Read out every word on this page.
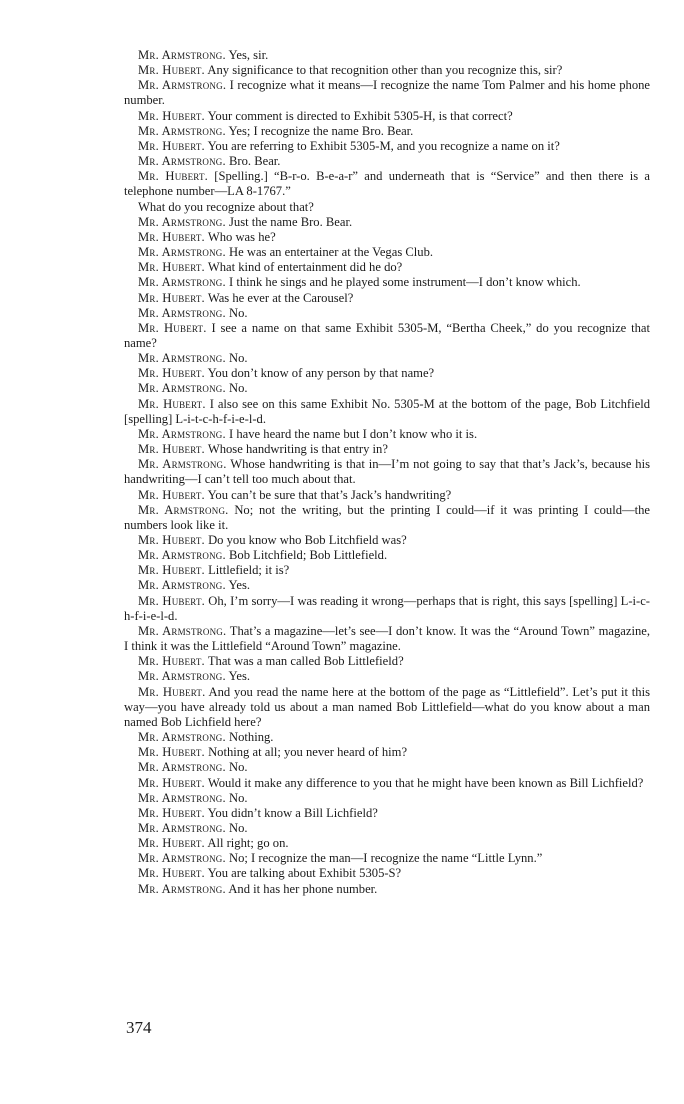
Mr. Armstrong. Yes, sir.

Mr. Hubert. Any significance to that recognition other than you recognize this, sir?

Mr. Armstrong. I recognize what it means—I recognize the name Tom Palmer and his home phone number.

Mr. Hubert. Your comment is directed to Exhibit 5305-H, is that correct?

Mr. Armstrong. Yes; I recognize the name Bro. Bear.

Mr. Hubert. You are referring to Exhibit 5305-M, and you recognize a name on it?

Mr. Armstrong. Bro. Bear.

Mr. Hubert. [Spelling.] “B-r-o. B-e-a-r” and underneath that is “Service” and then there is a telephone number—LA 8-1767.”

What do you recognize about that?

Mr. Armstrong. Just the name Bro. Bear.

Mr. Hubert. Who was he?

Mr. Armstrong. He was an entertainer at the Vegas Club.

Mr. Hubert. What kind of entertainment did he do?

Mr. Armstrong. I think he sings and he played some instrument—I don’t know which.

Mr. Hubert. Was he ever at the Carousel?

Mr. Armstrong. No.

Mr. Hubert. I see a name on that same Exhibit 5305-M, “Bertha Cheek,” do you recognize that name?

Mr. Armstrong. No.

Mr. Hubert. You don’t know of any person by that name?

Mr. Armstrong. No.

Mr. Hubert. I also see on this same Exhibit No. 5305-M at the bottom of the page, Bob Litchfield [spelling] L-i-t-c-h-f-i-e-l-d.

Mr. Armstrong. I have heard the name but I don’t know who it is.

Mr. Hubert. Whose handwriting is that entry in?

Mr. Armstrong. Whose handwriting is that in—I’m not going to say that that’s Jack’s, because his handwriting—I can’t tell too much about that.

Mr. Hubert. You can’t be sure that that’s Jack’s handwriting?

Mr. Armstrong. No; not the writing, but the printing I could—if it was printing I could—the numbers look like it.

Mr. Hubert. Do you know who Bob Litchfield was?

Mr. Armstrong. Bob Litchfield; Bob Littlefield.

Mr. Hubert. Littlefield; it is?

Mr. Armstrong. Yes.

Mr. Hubert. Oh, I’m sorry—I was reading it wrong—perhaps that is right, this says [spelling] L-i-c-h-f-i-e-l-d.

Mr. Armstrong. That’s a magazine—let’s see—I don’t know. It was the “Around Town” magazine, I think it was the Littlefield “Around Town” magazine.

Mr. Hubert. That was a man called Bob Littlefield?

Mr. Armstrong. Yes.

Mr. Hubert. And you read the name here at the bottom of the page as “Littlefield”. Let’s put it this way—you have already told us about a man named Bob Littlefield—what do you know about a man named Bob Lichfield here?

Mr. Armstrong. Nothing.

Mr. Hubert. Nothing at all; you never heard of him?

Mr. Armstrong. No.

Mr. Hubert. Would it make any difference to you that he might have been known as Bill Lichfield?

Mr. Armstrong. No.

Mr. Hubert. You didn’t know a Bill Lichfield?

Mr. Armstrong. No.

Mr. Hubert. All right; go on.

Mr. Armstrong. No; I recognize the man—I recognize the name “Little Lynn.”

Mr. Hubert. You are talking about Exhibit 5305-S?

Mr. Armstrong. And it has her phone number.

374
